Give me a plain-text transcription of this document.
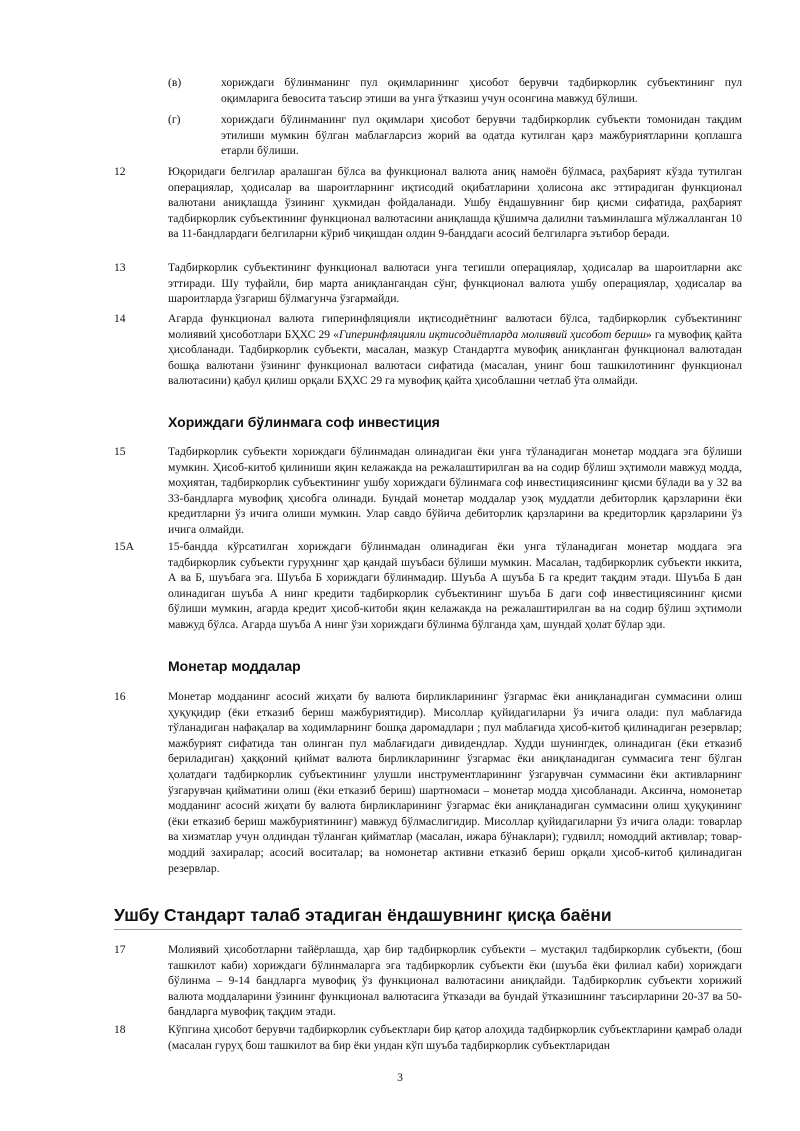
(в)	хориждаги бўлинманинг пул оқимларининг ҳисобот берувчи тадбиркорлик субъектининг пул оқимларига бевосита таъсир этиши ва унга ўтказиш учун осонгина мавжуд бўлиши.
(г)	хориждаги бўлинманинг пул оқимлари ҳисобот берувчи тадбиркорлик субъекти томонидан тақдим этилиши мумкин бўлган маблағларсиз жорий ва одатда кутилган қарз мажбуриятларини қоплашга етарли бўлиши.
12	Юқоридаги белгилар аралашган бўлса ва функционал валюта аниқ намоён бўлмаса, раҳбарият кўзда тутилган операциялар, ҳодисалар ва шароитларнинг иқтисодий оқибатларини ҳолисона акс эттирадиган функционал валютани аниқлашда ўзининг ҳукмидан фойдаланади. Ушбу ёндашувнинг бир қисми сифатида, раҳбарият тадбиркорлик субъектининг функционал валютасини аниқлашда қўшимча далилни таъминлашга мўлжалланган 10 ва 11-бандлардаги белгиларни кўриб чиқишдан олдин 9-банддаги асосий белгиларга эътибор беради.
13	Тадбиркорлик субъектининг функционал валютаси унга тегишли операциялар, ҳодисалар ва шароитларни акс эттиради. Шу туфайли, бир марта аниқлангандан сўнг, функционал валюта ушбу операциялар, ҳодисалар ва шароитларда ўзгариш бўлмагунча ўзгармайди.
14	Агарда функционал валюта гиперинфляцияли иқтисодиётнинг валютаси бўлса, тадбиркорлик субъектининг молиявий ҳисоботлари БҲХС 29 «Гиперинфляцияли иқтисодиётларда молиявий ҳисобот бериш» га мувофиқ қайта ҳисобланади. Тадбиркорлик субъекти, масалан, мазкур Стандартга мувофиқ аниқланган функционал валютадан бошқа валютани ўзининг функционал валютаси сифатида (масалан, унинг бош ташкилотининг функционал валютасини) қабул қилиш орқали БҲХС 29 га мувофиқ қайта ҳисоблашни четлаб ўта олмайди.
Хориждаги бўлинмага соф инвестиция
15	Тадбиркорлик субъекти хориждаги бўлинмадан олинадиган ёки унга тўланадиган монетар моддага эга бўлиши мумкин. Ҳисоб-китоб қилиниши яқин келажакда на режалаштирилган ва на содир бўлиш эҳтимоли мавжуд модда, моҳиятан, тадбиркорлик субъектининг ушбу хориждаги бўлинмага соф инвестициясининг қисми бўлади ва у 32 ва 33-бандларга мувофиқ ҳисобга олинади. Бундай монетар моддалар узоқ муддатли дебиторлик қарзларини ёки кредитларни ўз ичига олиши мумкин. Улар савдо бўйича дебиторлик қарзларини ва кредиторлик қарзларини ўз ичига олмайди.
15A	15-бандда кўрсатилган хориждаги бўлинмадан олинадиган ёки унга тўланадиган монетар моддага эга тадбиркорлик субъекти гуруҳнинг ҳар қандай шуъбаси бўлиши мумкин. Масалан, тадбиркорлик субъекти иккита, А ва Б, шуъбага эга. Шуъба Б хориждаги бўлинмадир. Шуъба А шуъба Б га кредит тақдим этади. Шуъба Б дан олинадиган шуъба А нинг кредити тадбиркорлик субъектининг шуъба Б даги соф инвестициясининг қисми бўлиши мумкин, агарда кредит ҳисоб-китоби яқин келажакда на режалаштирилган ва на содир бўлиш эҳтимоли мавжуд бўлса. Агарда шуъба А нинг ўзи хориждаги бўлинма бўлганда ҳам, шундай ҳолат бўлар эди.
Монетар моддалар
16	Монетар модданинг асосий жиҳати бу валюта бирликларининг ўзгармас ёки аниқланадиган суммасини олиш ҳуқуқидир (ёки етказиб бериш мажбуриятидир). Мисоллар қуйидагиларни ўз ичига олади: пул маблағида тўланадиган нафақалар ва ходимларнинг бошқа даромадлари ; пул маблағида ҳисоб-китоб қилинадиган резервлар; мажбурият сифатида тан олинган пул маблағидаги дивидендлар. Худди шунингдек, олинадиган (ёки етказиб бериладиган) ҳаққоний қиймат валюта бирликларининг ўзгармас ёки аниқланадиган суммасига тенг бўлган ҳолатдаги тадбиркорлик субъектининг улушли инструментларининг ўзгарувчан суммасини ёки активларнинг ўзгарувчан қийматини олиш (ёки етказиб бериш) шартномаси – монетар модда ҳисобланади. Аксинча, номонетар модданинг асосий жиҳати бу валюта бирликларининг ўзгармас ёки аниқланадиган суммасини олиш ҳуқуқининг (ёки етказиб бериш мажбуриятининг) мавжуд бўлмаслигидир. Мисоллар қуйидагиларни ўз ичига олади: товарлар ва хизматлар учун олдиндан тўланган қийматлар (масалан, ижара бўнаклари); гудвилл; номоддий активлар; товар-моддий захиралар; асосий воситалар; ва номонетар активни етказиб бериш орқали ҳисоб-китоб қилинадиган резервлар.
Ушбу Стандарт талаб этадиган ёндашувнинг қисқа баёни
17	Молиявий ҳисоботларни тайёрлашда, ҳар бир тадбиркорлик субъекти – мустақил тадбиркорлик субъекти, (бош ташкилот каби) хориждаги бўлинмаларга эга тадбиркорлик субъекти ёки (шуъба ёки филиал каби) хориждаги бўлинма – 9-14 бандларга мувофиқ ўз функционал валютасини аниқлайди. Тадбиркорлик субъекти хорижий валюта моддаларини ўзининг функционал валютасига ўтказади ва бундай ўтказишнинг таъсирларини 20-37 ва 50-бандларга мувофиқ тақдим этади.
18	Кўпгина ҳисобот берувчи тадбиркорлик субъектлари бир қатор алоҳида тадбиркорлик субъектларини қамраб олади (масалан гуруҳ бош ташкилот ва бир ёки ундан кўп шуъба тадбиркорлик субъектларидан
3
